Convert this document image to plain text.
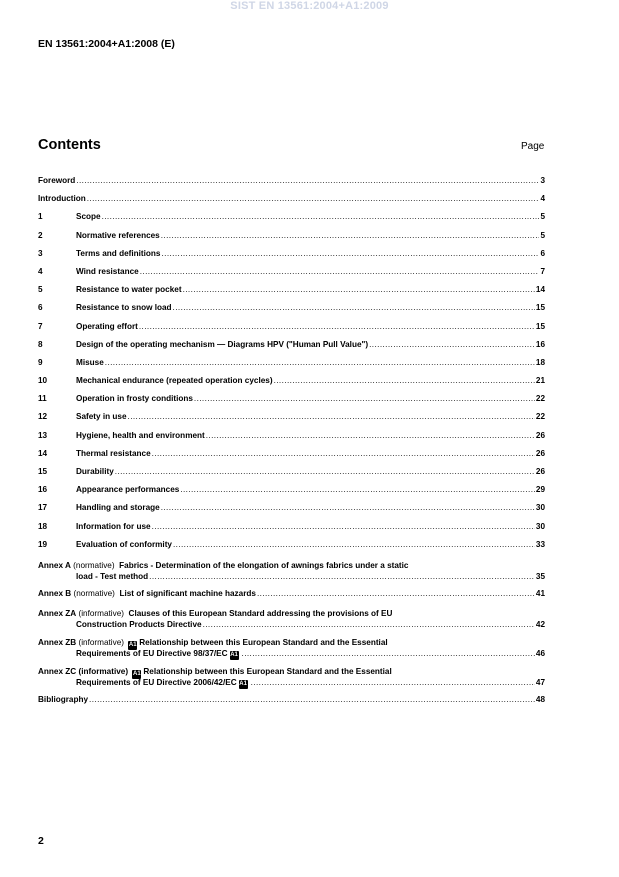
SIST EN 13561:2004+A1:2009
EN 13561:2004+A1:2008 (E)
Contents	Page
Foreword .....	3
Introduction .....	4
1	Scope .....	5
2	Normative references .....	5
3	Terms and definitions .....	6
4	Wind resistance .....	7
5	Resistance to water pocket .....	14
6	Resistance to snow load .....	15
7	Operating effort .....	15
8	Design of the operating mechanism — Diagrams HPV ("Human Pull Value") .....	16
9	Misuse .....	18
10	Mechanical endurance (repeated operation cycles) .....	21
11	Operation in frosty conditions .....	22
12	Safety in use .....	22
13	Hygiene, health and environment .....	26
14	Thermal resistance .....	26
15	Durability .....	26
16	Appearance performances .....	29
17	Handling and storage .....	30
18	Information for use .....	30
19	Evaluation of conformity .....	33
Annex A (normative)  Fabrics - Determination of the elongation of awnings fabrics under a static
load - Test method .....	35
Annex B (normative) List of significant machine hazards .....	41
Annex ZA (informative)  Clauses of this European Standard addressing the provisions of EU
Construction Products Directive .....	42
Annex ZB (informative) A1 Relationship between this European Standard and the Essential
Requirements of EU Directive 98/37/EC A1 .....	46
Annex ZC (informative) A1 Relationship between this European Standard and the Essential
Requirements of EU Directive 2006/42/EC A1 .....	47
Bibliography .....	48
2
